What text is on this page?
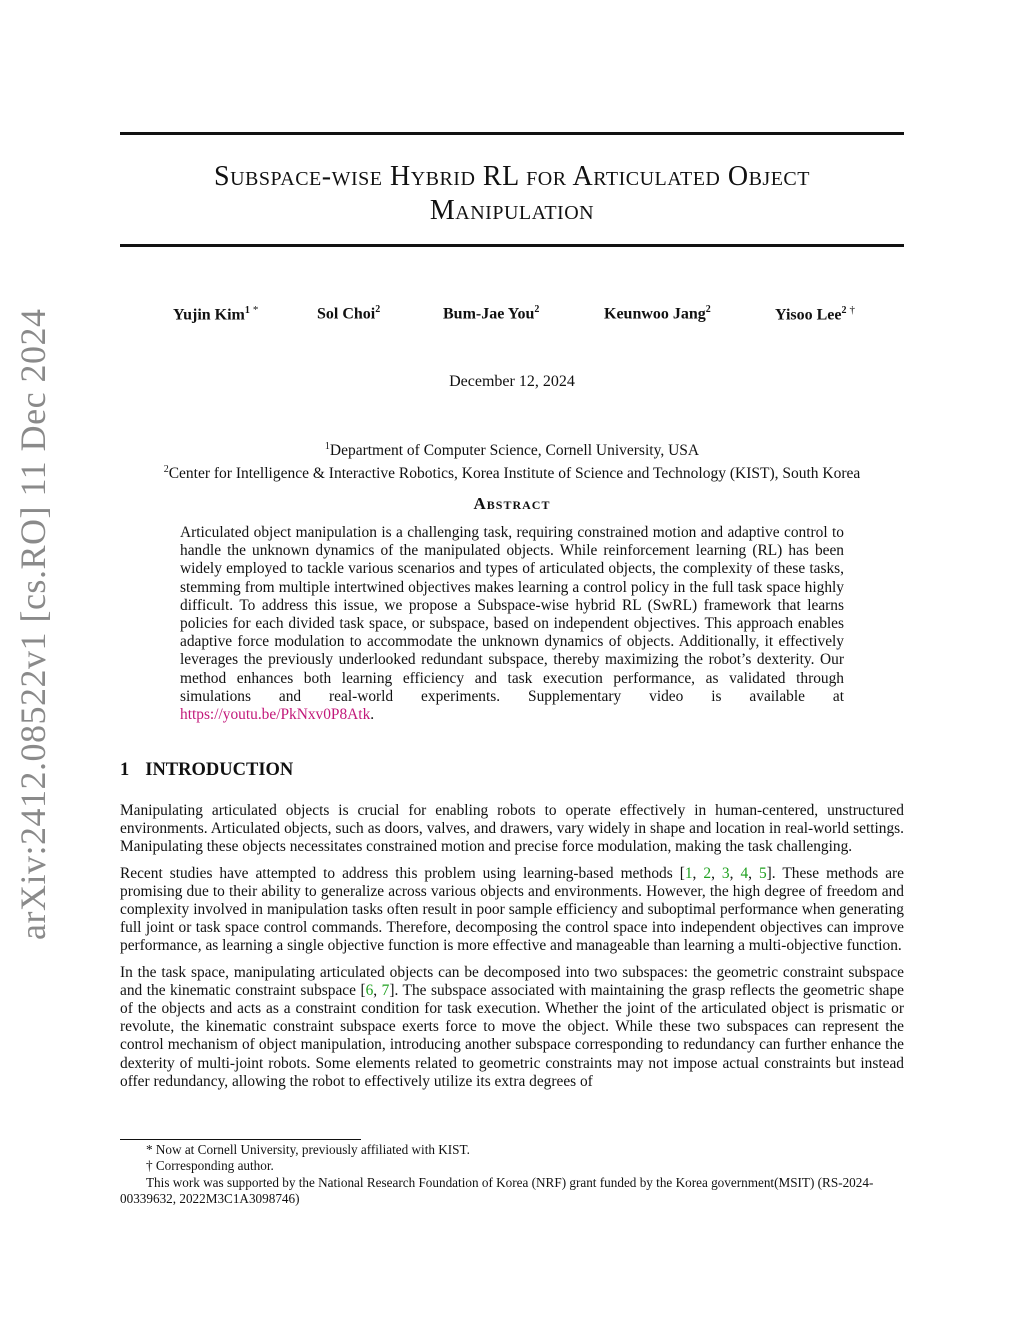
arXiv:2412.08522v1 [cs.RO] 11 Dec 2024
Subspace-wise Hybrid RL for Articulated Object
Manipulation
Yujin Kim$^1$ *	Sol Choi$^2$	Bum-Jae You$^2$	Keunwoo Jang$^2$	Yisoo Lee$^2$ †
December 12, 2024
$^1$Department of Computer Science, Cornell University, USA
$^2$Center for Intelligence & Interactive Robotics, Korea Institute of Science and Technology (KIST), South Korea
Abstract
Articulated object manipulation is a challenging task, requiring constrained motion and adaptive control to handle the unknown dynamics of the manipulated objects. While reinforcement learning (RL) has been widely employed to tackle various scenarios and types of articulated objects, the complexity of these tasks, stemming from multiple intertwined objectives makes learning a control policy in the full task space highly difficult. To address this issue, we propose a Subspace-wise hybrid RL (SwRL) framework that learns policies for each divided task space, or subspace, based on independent objectives. This approach enables adaptive force modulation to accommodate the unknown dynamics of objects. Additionally, it effectively leverages the previously underlooked redundant subspace, thereby maximizing the robot’s dexterity. Our method enhances both learning efficiency and task execution performance, as validated through simulations and real-world experiments. Supplementary video is available at https://youtu.be/PkNxv0P8Atk.
1 INTRODUCTION

Manipulating articulated objects is crucial for enabling robots to operate effectively in human-centered, unstructured environments. Articulated objects, such as doors, valves, and drawers, vary widely in shape and location in real-world settings. Manipulating these objects necessitates constrained motion and precise force modulation, making the task challenging.

Recent studies have attempted to address this problem using learning-based methods [1, 2, 3, 4, 5]. These methods are promising due to their ability to generalize across various objects and environments. However, the high degree of freedom and complexity involved in manipulation tasks often result in poor sample efficiency and suboptimal performance when generating full joint or task space control commands. Therefore, decomposing the control space into independent objectives can improve performance, as learning a single objective function is more effective and manageable than learning a multi-objective function.

In the task space, manipulating articulated objects can be decomposed into two subspaces: the geometric constraint subspace and the kinematic constraint subspace [6, 7]. The subspace associated with maintaining the grasp reflects the geometric shape of the objects and acts as a constraint condition for task execution. Whether the joint of the articulated object is prismatic or revolute, the kinematic constraint subspace exerts force to move the object. While these two subspaces can represent the control mechanism of object manipulation, introducing another subspace corresponding to redundancy can further enhance the dexterity of multi-joint robots. Some elements related to geometric constraints may not impose actual constraints but instead offer redundancy, allowing the robot to effectively utilize its extra degrees of

* Now at Cornell University, previously affiliated with KIST.
† Corresponding author.
This work was supported by the National Research Foundation of Korea (NRF) grant funded by the Korea government(MSIT) (RS-2024-00339632, 2022M3C1A3098746)
